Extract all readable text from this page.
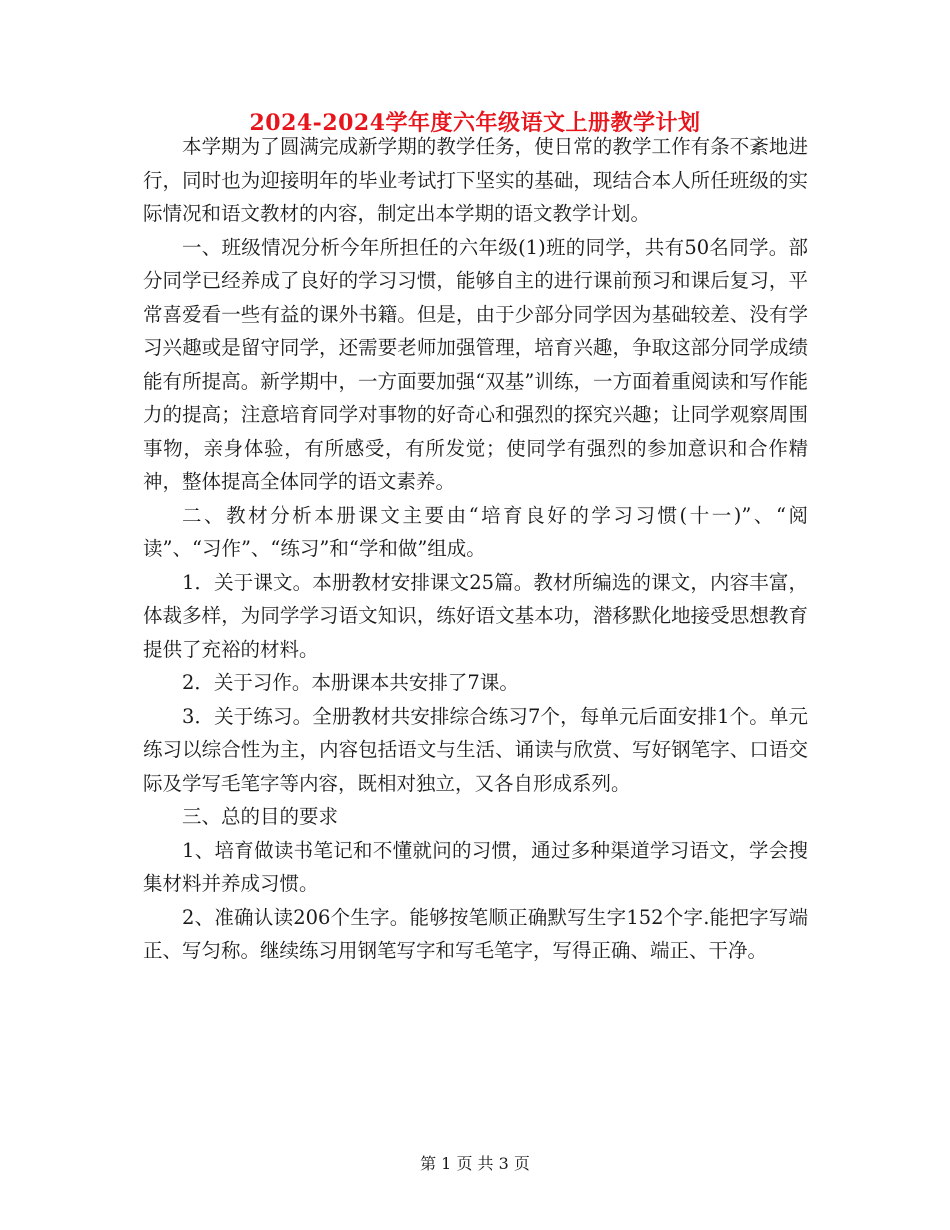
2024-2024学年度六年级语文上册教学计划

本学期为了圆满完成新学期的教学任务，使日常的教学工作有条不紊地进行，同时也为迎接明年的毕业考试打下坚实的基础，现结合本人所任班级的实际情况和语文教材的内容，制定出本学期的语文教学计划。

一、班级情况分析今年所担任的六年级(1)班的同学，共有50名同学。部分同学已经养成了良好的学习习惯，能够自主的进行课前预习和课后复习，平常喜爱看一些有益的课外书籍。但是，由于少部分同学因为基础较差、没有学习兴趣或是留守同学，还需要老师加强管理，培育兴趣，争取这部分同学成绩能有所提高。新学期中，一方面要加强“双基”训练，一方面着重阅读和写作能力的提高；注意培育同学对事物的好奇心和强烈的探究兴趣；让同学观察周围事物，亲身体验，有所感受，有所发觉；使同学有强烈的参加意识和合作精神，整体提高全体同学的语文素养。

二、教材分析本册课文主要由“培育良好的学习习惯(十一)”、“阅读”、“习作”、“练习”和“学和做”组成。

1．关于课文。本册教材安排课文25篇。教材所编选的课文，内容丰富，体裁多样，为同学学习语文知识，练好语文基本功，潜移默化地接受思想教育提供了充裕的材料。

2．关于习作。本册课本共安排了7课。

3．关于练习。全册教材共安排综合练习7个，每单元后面安排1个。单元练习以综合性为主，内容包括语文与生活、诵读与欣赏、写好钢笔字、口语交际及学写毛笔字等内容，既相对独立，又各自形成系列。

三、总的目的要求

1、培育做读书笔记和不懂就问的习惯，通过多种渠道学习语文，学会搜集材料并养成习惯。

2、准确认读206个生字。能够按笔顺正确默写生字152个字.能把字写端正、写匀称。继续练习用钢笔写字和写毛笔字，写得正确、端正、干净。

第 1 页 共 3 页
